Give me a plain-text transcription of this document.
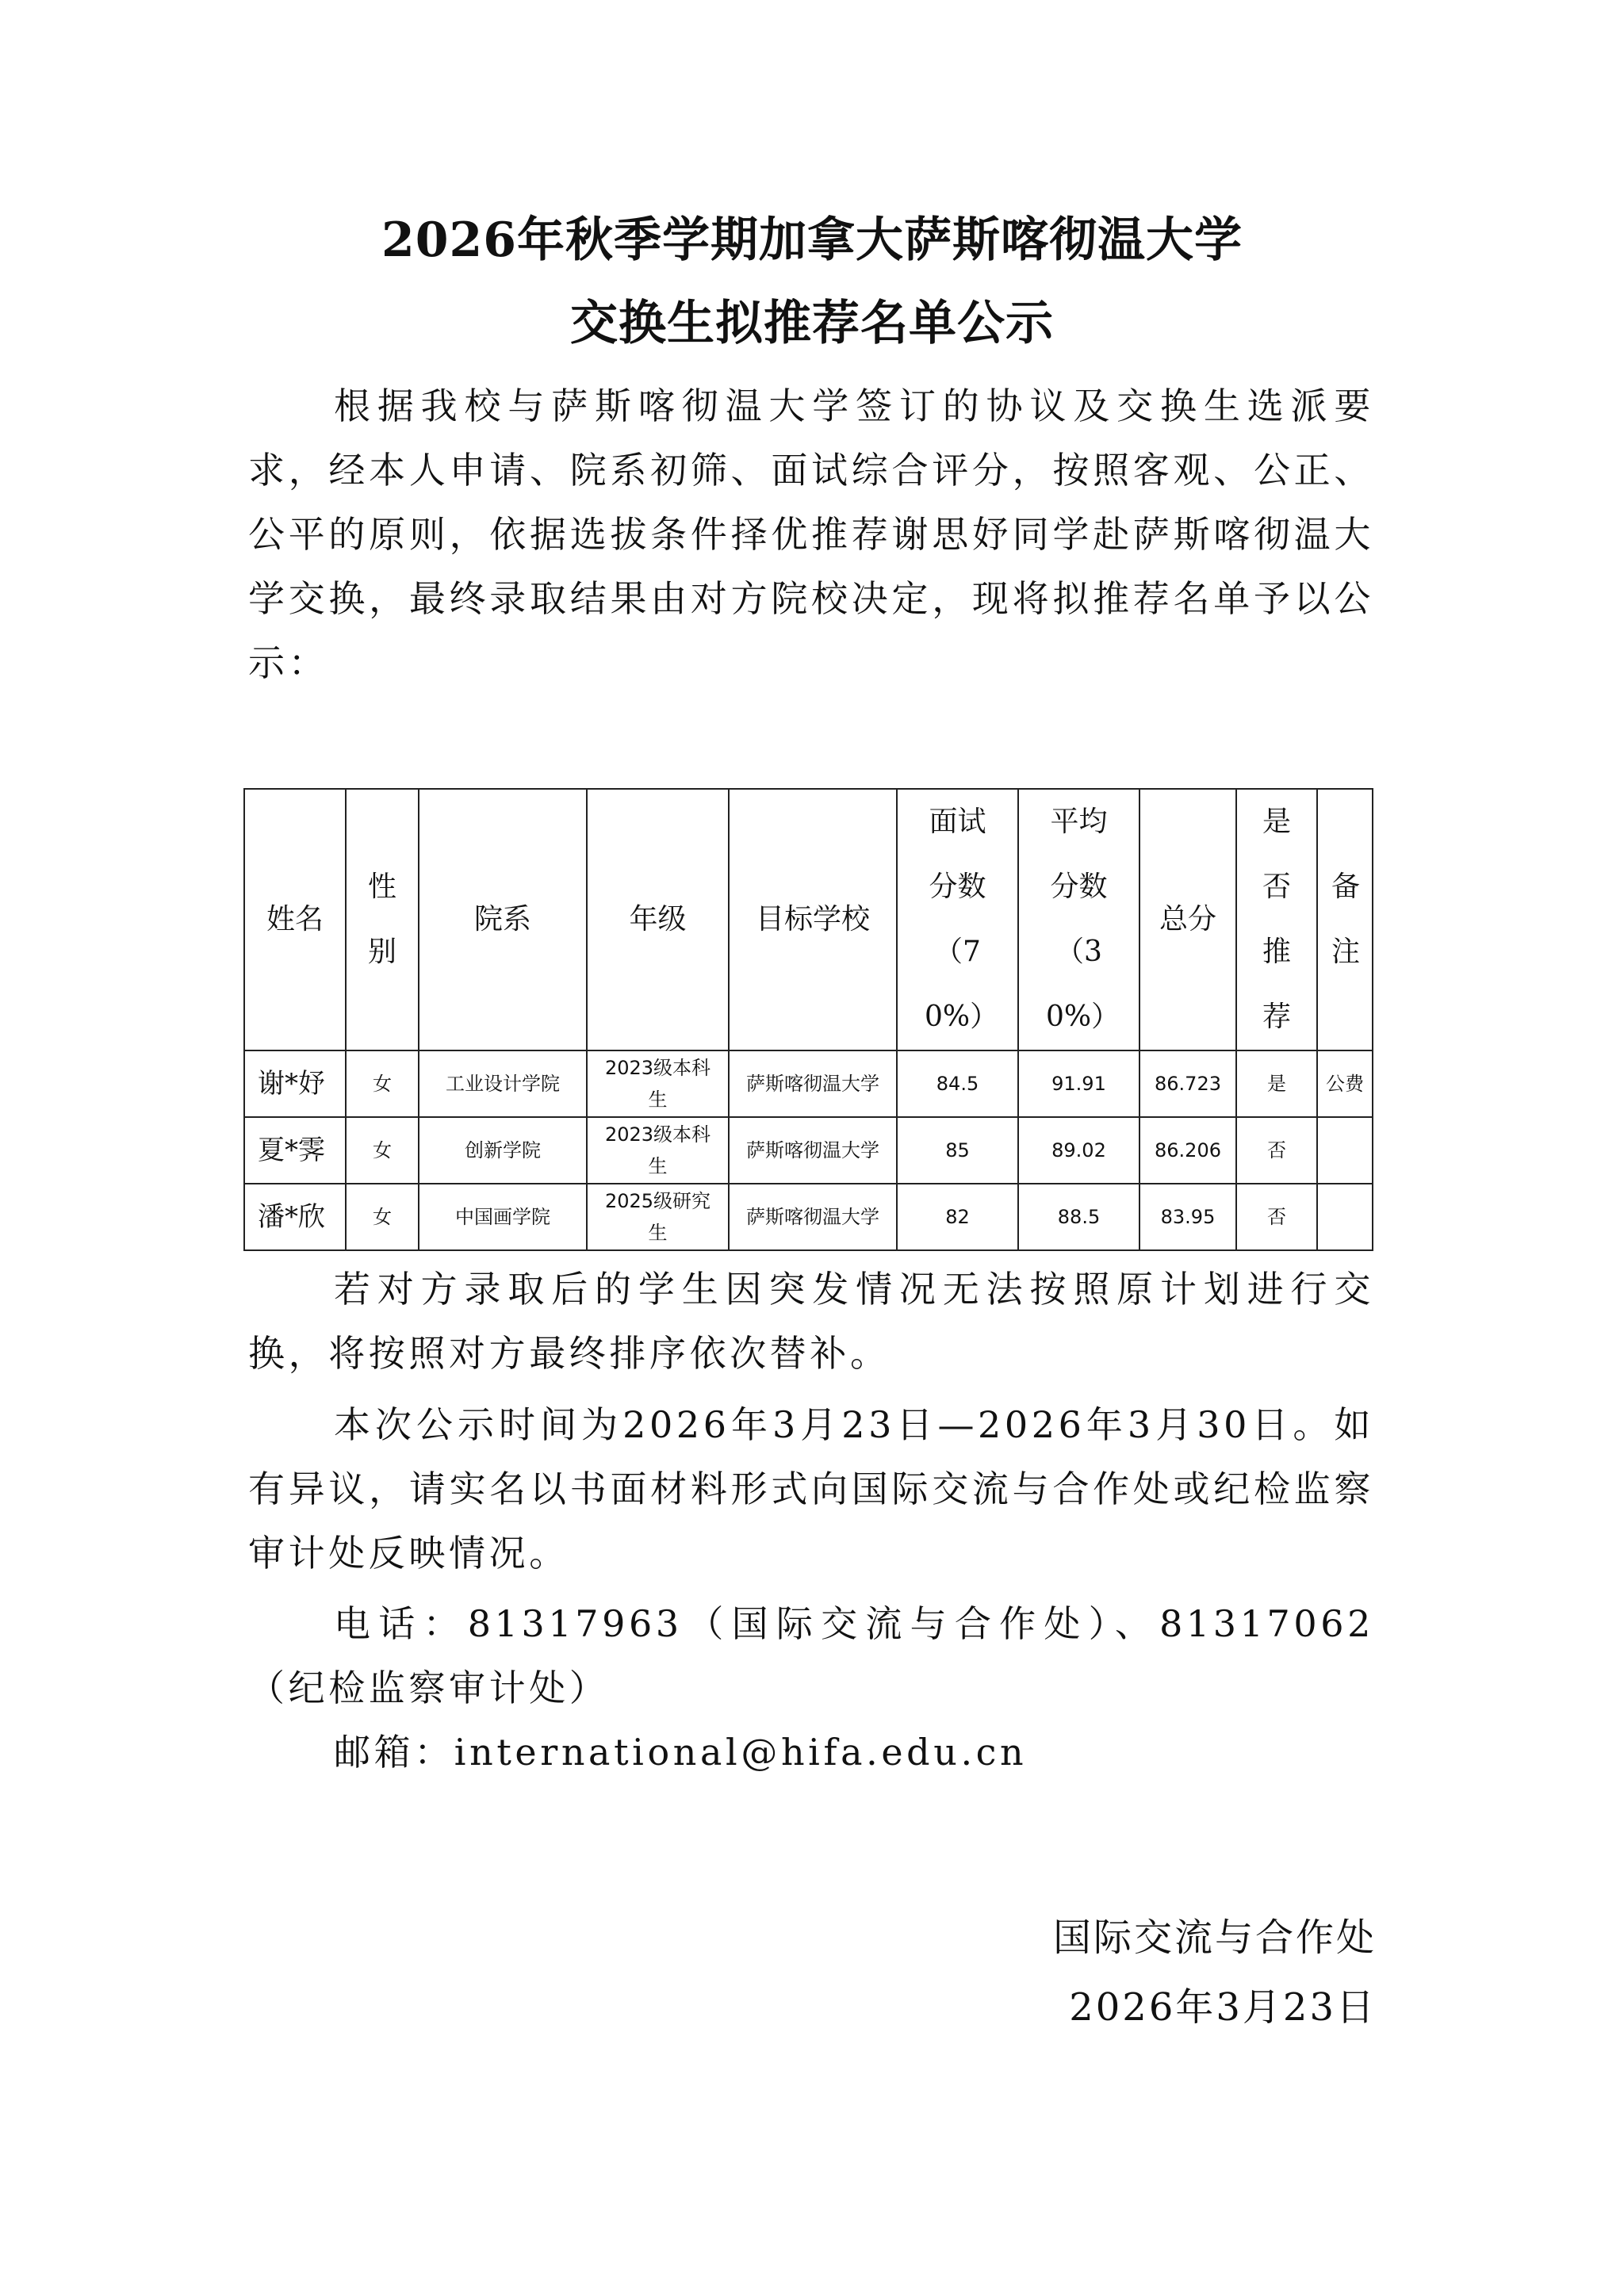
2026年秋季学期加拿大萨斯喀彻温大学
交换生拟推荐名单公示

根据我校与萨斯喀彻温大学签订的协议及交换生选派要求，经本人申请、院系初筛、面试综合评分，按照客观、公正、公平的原则，依据选拔条件择优推荐谢思妤同学赴萨斯喀彻温大学交换，最终录取结果由对方院校决定，现将拟推荐名单予以公示：

姓名	性别	院系	年级	目标学校	面试分数（70%）	平均分数（30%）	总分	是否推荐	备注

谢*妤	女	工业设计学院	2023级本科生	萨斯喀彻温大学	84.5	91.91	86.723	是	公费
夏*霁	女	创新学院	2023级本科生	萨斯喀彻温大学	85	89.02	86.206	否	
潘*欣	女	中国画学院	2025级研究生	萨斯喀彻温大学	82	88.5	83.95	否	

若对方录取后的学生因突发情况无法按照原计划进行交换，将按照对方最终排序依次替补。

本次公示时间为2026年3月23日—2026年3月30日。如有异议，请实名以书面材料形式向国际交流与合作处或纪检监察审计处反映情况。

电话：81317963（国际交流与合作处）、81317062（纪检监察审计处）

邮箱：international@hifa.edu.cn

国际交流与合作处
2026年3月23日
